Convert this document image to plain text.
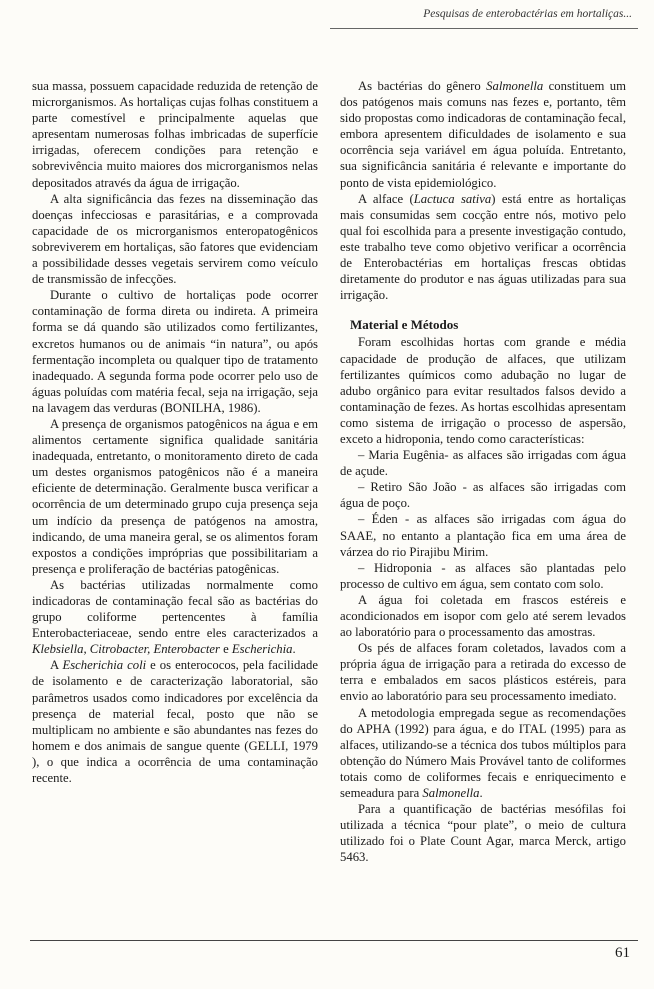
Pesquisas de enterobactérias em hortaliças...

sua massa, possuem capacidade reduzida de retenção de microrganismos. As hortaliças cujas folhas constituem a parte comestível e principalmente aquelas que apresentam numerosas folhas imbricadas de superfície irrigadas, oferecem condições para retenção e sobrevivência muito maiores dos microrganismos nelas depositados através da água de irrigação.

A alta significância das fezes na disseminação das doenças infecciosas e parasitárias, e a comprovada capacidade de os microrganismos enteropatogênicos sobreviverem em hortaliças, são fatores que evidenciam a possibilidade desses vegetais servirem como veículo de transmissão de infecções.

Durante o cultivo de hortaliças pode ocorrer contaminação de forma direta ou indireta. A primeira forma se dá quando são utilizados como fertilizantes, excretos humanos ou de animais “in natura”, ou após fermentação incompleta ou qualquer tipo de tratamento inadequado. A segunda forma pode ocorrer pelo uso de águas poluídas com matéria fecal, seja na irrigação, seja na lavagem das verduras (BONILHA, 1986).

A presença de organismos patogênicos na água e em alimentos certamente significa qualidade sanitária inadequada, entretanto, o monitoramento direto de cada um destes organismos patogênicos não é a maneira eficiente de determinação. Geralmente busca verificar a ocorrência de um determinado grupo cuja presença seja um indício da presença de patógenos na amostra, indicando, de uma maneira geral, se os alimentos foram expostos a condições impróprias que possibilitariam a presença e proliferação de bactérias patogênicas.

As bactérias utilizadas normalmente como indicadoras de contaminação fecal são as bactérias do grupo coliforme pertencentes à família Enterobacteriaceae, sendo entre eles caracterizados a Klebsiella, Citrobacter, Enterobacter e Escherichia.

A Escherichia coli e os enterococos, pela facilidade de isolamento e de caracterização laboratorial, são parâmetros usados como indicadores por excelência da presença de material fecal, posto que não se multiplicam no ambiente e são abundantes nas fezes do homem e dos animais de sangue quente (GELLI, 1979 ), o que indica a ocorrência de uma contaminação recente.

As bactérias do gênero Salmonella constituem um dos patógenos mais comuns nas fezes e, portanto, têm sido propostas como indicadoras de contaminação fecal, embora apresentem dificuldades de isolamento e sua ocorrência seja variável em água poluída. Entretanto, sua significância sanitária é relevante e importante do ponto de vista epidemiológico.

A alface (Lactuca sativa) está entre as hortaliças mais consumidas sem cocção entre nós, motivo pelo qual foi escolhida para a presente investigação contudo, este trabalho teve como objetivo verificar a ocorrência de Enterobactérias em hortaliças frescas obtidas diretamente do produtor e nas águas utilizadas para sua irrigação.

Material e Métodos

Foram escolhidas hortas com grande e média capacidade de produção de alfaces, que utilizam fertilizantes químicos como adubação no lugar de adubo orgânico para evitar resultados falsos devido a contaminação de fezes. As hortas escolhidas apresentam como sistema de irrigação o processo de aspersão, exceto a hidroponia, tendo como características:

– Maria Eugênia- as alfaces são irrigadas com água de açude.

– Retiro São João - as alfaces são irrigadas com água de poço.

– Éden - as alfaces são irrigadas com água do SAAE, no entanto a plantação fica em uma área de várzea do rio Pirajibu Mirim.

– Hidroponia - as alfaces são plantadas pelo processo de cultivo em água, sem contato com solo.

A água foi coletada em frascos estéreis e acondicionados em isopor com gelo até serem levados ao laboratório para o processamento das amostras.

Os pés de alfaces foram coletados, lavados com a própria água de irrigação para a retirada do excesso de terra e embalados em sacos plásticos estéreis, para envio ao laboratório para seu processamento imediato.

A metodologia empregada segue as recomendações do APHA (1992) para água, e do ITAL (1995) para as alfaces, utilizando-se a técnica dos tubos múltiplos para obtenção do Número Mais Provável tanto de coliformes totais como de coliformes fecais e enriquecimento e semeadura para Salmonella.

Para a quantificação de bactérias mesófilas foi utilizada a técnica “pour plate”, o meio de cultura utilizado foi o Plate Count Agar, marca Merck, artigo 5463.

61
